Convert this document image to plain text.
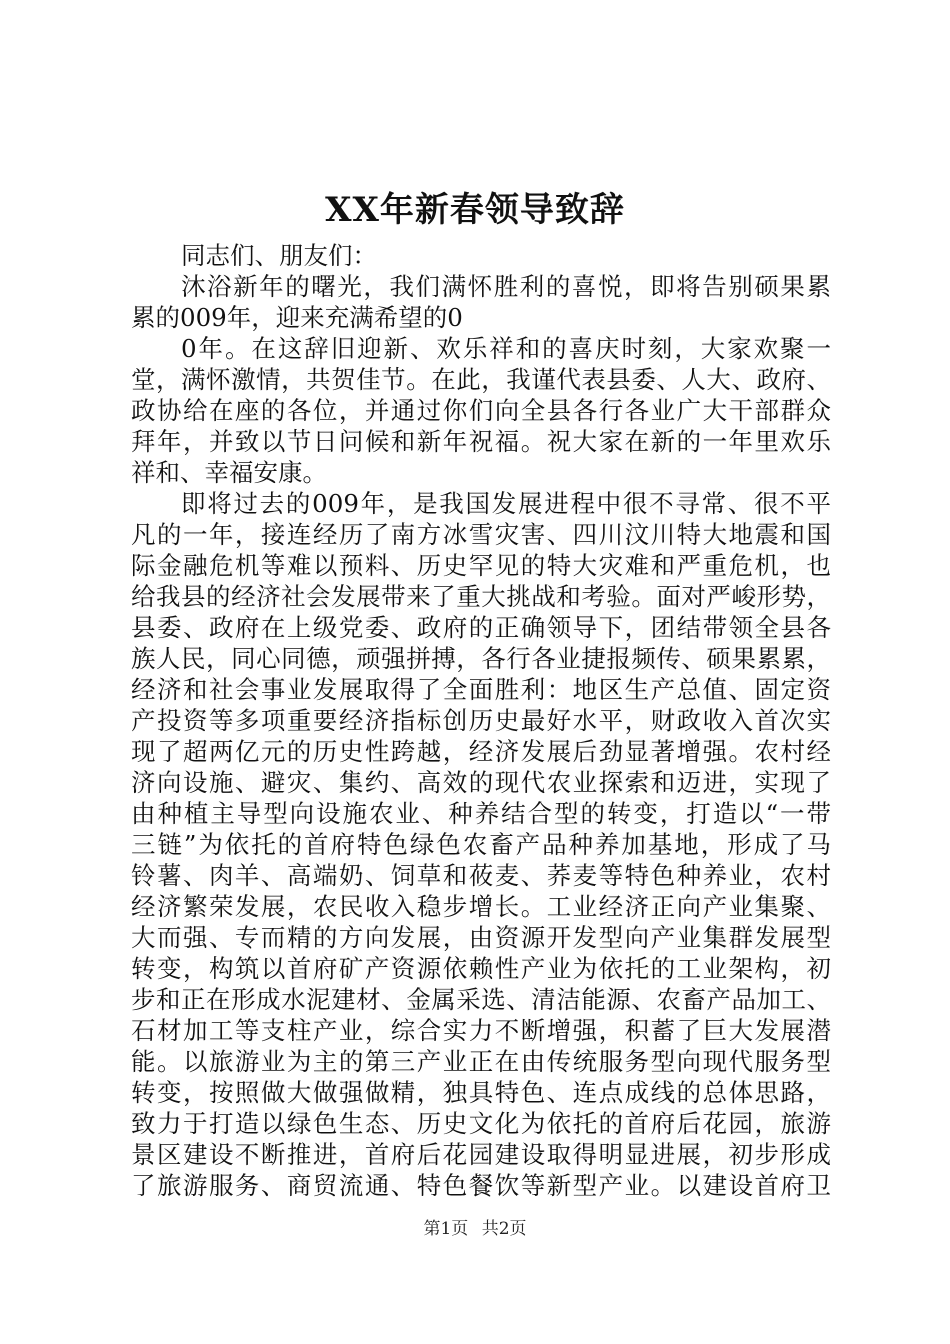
XX年新春领导致辞
同志们、朋友们：
沐浴新年的曙光，我们满怀胜利的喜悦，即将告别硕果累
累的009年，迎来充满希望的0
0年。在这辞旧迎新、欢乐祥和的喜庆时刻，大家欢聚一
堂，满怀激情，共贺佳节。在此，我谨代表县委、人大、政府、
政协给在座的各位，并通过你们向全县各行各业广大干部群众
拜年，并致以节日问候和新年祝福。祝大家在新的一年里欢乐
祥和、幸福安康。
即将过去的009年，是我国发展进程中很不寻常、很不平
凡的一年，接连经历了南方冰雪灾害、四川汶川特大地震和国
际金融危机等难以预料、历史罕见的特大灾难和严重危机，也
给我县的经济社会发展带来了重大挑战和考验。面对严峻形势，
县委、政府在上级党委、政府的正确领导下，团结带领全县各
族人民，同心同德，顽强拼搏，各行各业捷报频传、硕果累累，
经济和社会事业发展取得了全面胜利：地区生产总值、固定资
产投资等多项重要经济指标创历史最好水平，财政收入首次实
现了超两亿元的历史性跨越，经济发展后劲显著增强。农村经
济向设施、避灾、集约、高效的现代农业探索和迈进，实现了
由种植主导型向设施农业、种养结合型的转变，打造以“一带
三链”为依托的首府特色绿色农畜产品种养加基地，形成了马
铃薯、肉羊、高端奶、饲草和莜麦、荞麦等特色种养业，农村
经济繁荣发展，农民收入稳步增长。工业经济正向产业集聚、
大而强、专而精的方向发展，由资源开发型向产业集群发展型
转变，构筑以首府矿产资源依赖性产业为依托的工业架构，初
步和正在形成水泥建材、金属采选、清洁能源、农畜产品加工、
石材加工等支柱产业，综合实力不断增强，积蓄了巨大发展潜
能。以旅游业为主的第三产业正在由传统服务型向现代服务型
转变，按照做大做强做精，独具特色、连点成线的总体思路，
致力于打造以绿色生态、历史文化为依托的首府后花园，旅游
景区建设不断推进，首府后花园建设取得明显进展，初步形成
了旅游服务、商贸流通、特色餐饮等新型产业。以建设首府卫
第1页 共2页
